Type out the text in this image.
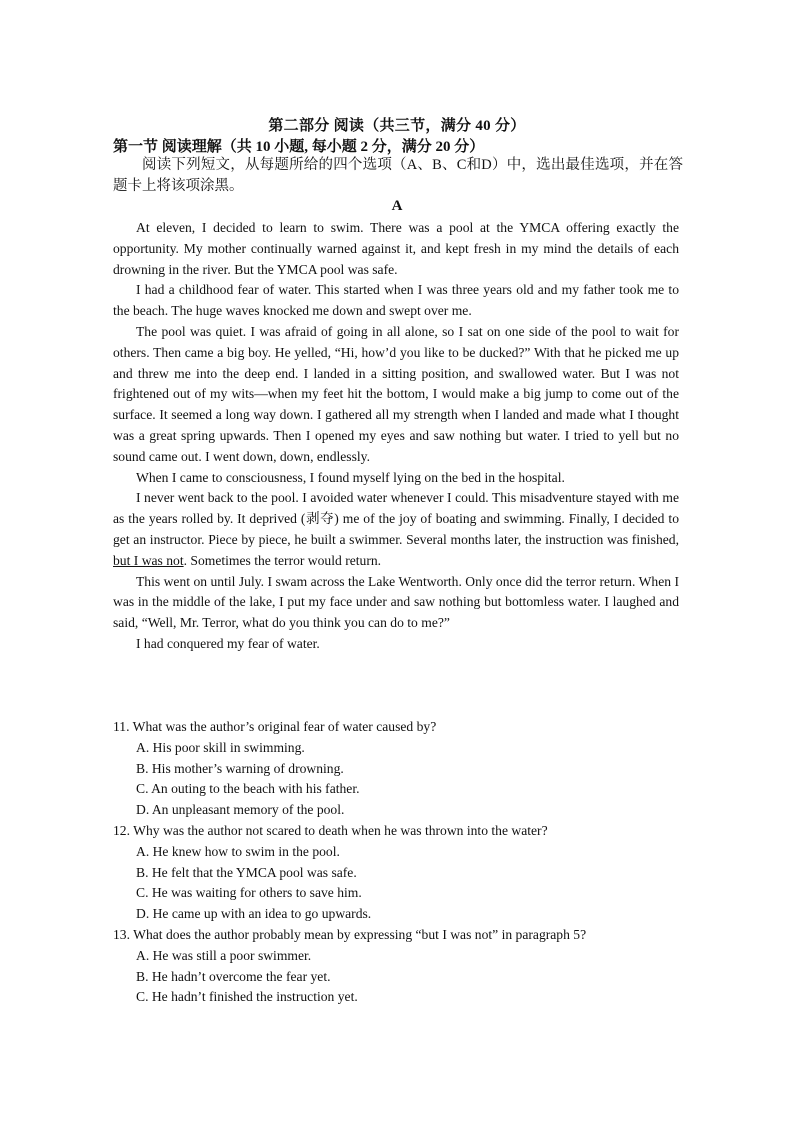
第二部分 阅读（共三节，满分 40 分）
第一节 阅读理解（共 10 小题, 每小题 2 分，满分 20 分）
阅读下列短文，从每题所给的四个选项（A、B、C和D）中，选出最佳选项，并在答题卡上将该项涂黑。
A

At eleven, I decided to learn to swim. There was a pool at the YMCA offering exactly the opportunity. My mother continually warned against it, and kept fresh in my mind the details of each drowning in the river. But the YMCA pool was safe.

I had a childhood fear of water. This started when I was three years old and my father took me to the beach. The huge waves knocked me down and swept over me.

The pool was quiet. I was afraid of going in all alone, so I sat on one side of the pool to wait for others. Then came a big boy. He yelled, “Hi, how’d you like to be ducked?” With that he picked me up and threw me into the deep end. I landed in a sitting position, and swallowed water. But I was not frightened out of my wits—when my feet hit the bottom, I would make a big jump to come out of the surface. It seemed a long way down. I gathered all my strength when I landed and made what I thought was a great spring upwards. Then I opened my eyes and saw nothing but water. I tried to yell but no sound came out. I went down, down, endlessly.

When I came to consciousness, I found myself lying on the bed in the hospital.

I never went back to the pool. I avoided water whenever I could. This misadventure stayed with me as the years rolled by. It deprived (剥夺) me of the joy of boating and swimming. Finally, I decided to get an instructor. Piece by piece, he built a swimmer. Several months later, the instruction was finished, but I was not. Sometimes the terror would return.

This went on until July. I swam across the Lake Wentworth. Only once did the terror return. When I was in the middle of the lake, I put my face under and saw nothing but bottomless water. I laughed and said, “Well, Mr. Terror, what do you think you can do to me?”

I had conquered my fear of water.

11. What was the author’s original fear of water caused by?

A. His poor skill in swimming.
B. His mother’s warning of drowning.
C. An outing to the beach with his father.
D. An unpleasant memory of the pool.

12. Why was the author not scared to death when he was thrown into the water?

A. He knew how to swim in the pool.
B. He felt that the YMCA pool was safe.
C. He was waiting for others to save him.
D. He came up with an idea to go upwards.

13. What does the author probably mean by expressing “but I was not” in paragraph 5?

A. He was still a poor swimmer.
B. He hadn’t overcome the fear yet.
C. He hadn’t finished the instruction yet.
